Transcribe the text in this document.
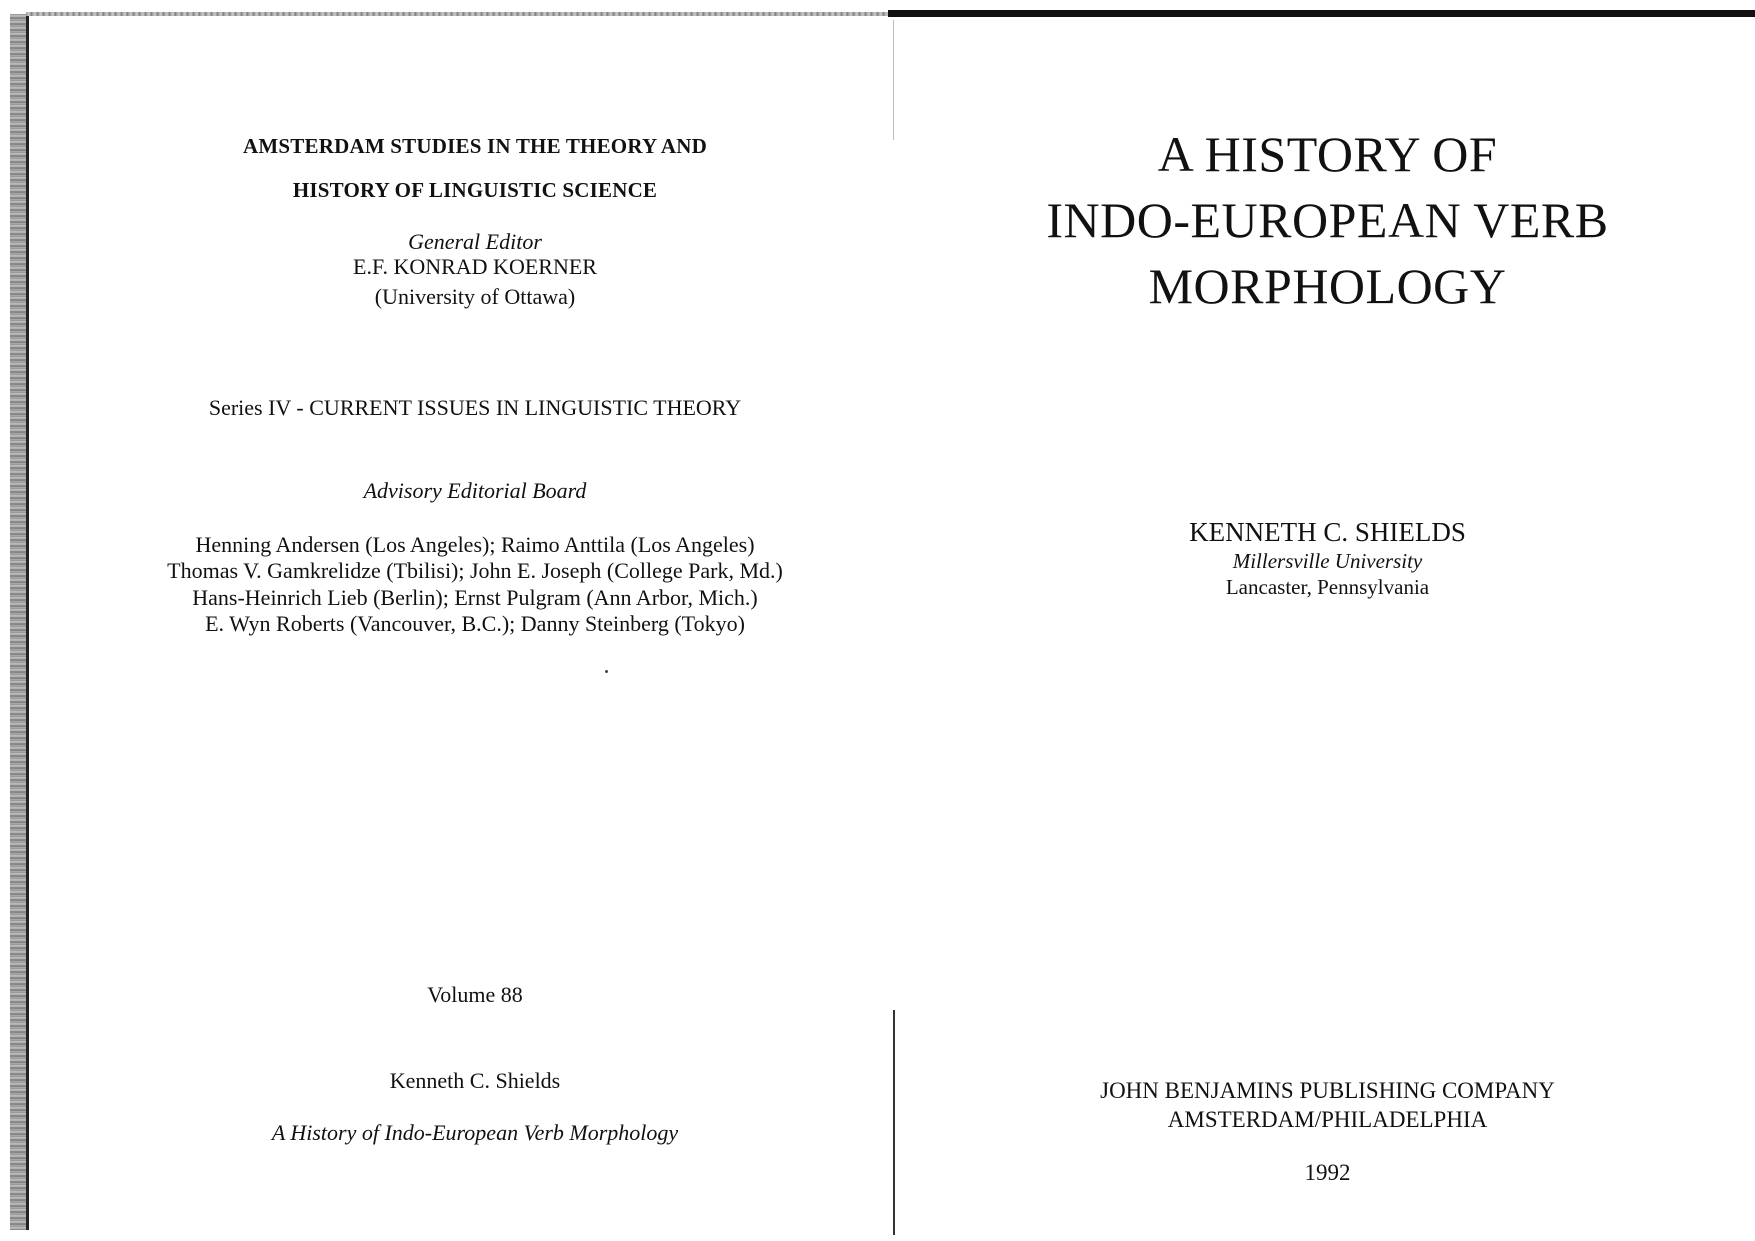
AMSTERDAM STUDIES IN THE THEORY AND
HISTORY OF LINGUISTIC SCIENCE
General Editor
E.F. KONRAD KOERNER
(University of Ottawa)
Series IV - CURRENT ISSUES IN LINGUISTIC THEORY
Advisory Editorial Board
Henning Andersen (Los Angeles); Raimo Anttila (Los Angeles)
Thomas V. Gamkrelidze (Tbilisi); John E. Joseph (College Park, Md.)
Hans-Heinrich Lieb (Berlin); Ernst Pulgram (Ann Arbor, Mich.)
E. Wyn Roberts (Vancouver, B.C.); Danny Steinberg (Tokyo)
Volume 88
Kenneth C. Shields
A History of Indo-European Verb Morphology
A HISTORY OF
INDO-EUROPEAN VERB
MORPHOLOGY
KENNETH C. SHIELDS
Millersville University
Lancaster, Pennsylvania
JOHN BENJAMINS PUBLISHING COMPANY
AMSTERDAM/PHILADELPHIA
1992
